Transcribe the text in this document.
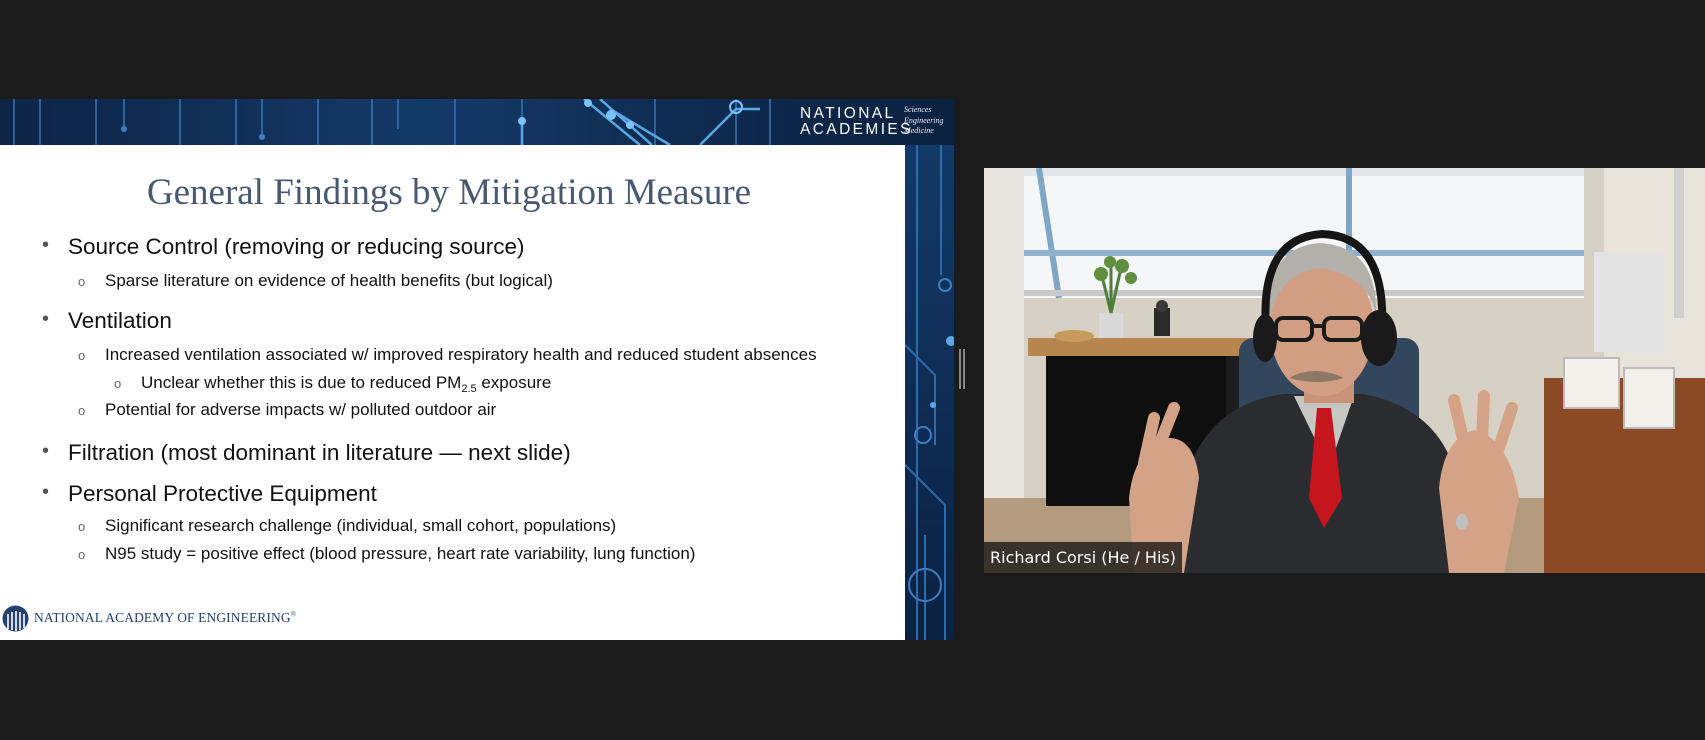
NATIONAL
ACADEMIES
Sciences
Engineering
Medicine
General Findings by Mitigation Measure
• Source Control (removing or reducing source)
o Sparse literature on evidence of health benefits (but logical)
• Ventilation
o Increased ventilation associated w/ improved respiratory health and reduced student absences
o Unclear whether this is due to reduced $PM_{2.5}$ exposure
o Potential for adverse impacts w/ polluted outdoor air
• Filtration (most dominant in literature — next slide)
• Personal Protective Equipment
o Significant research challenge (individual, small cohort, populations)
o N95 study = positive effect (blood pressure, heart rate variability, lung function)
NATIONAL ACADEMY OF ENGINEERING®
Richard Corsi (He / His)
